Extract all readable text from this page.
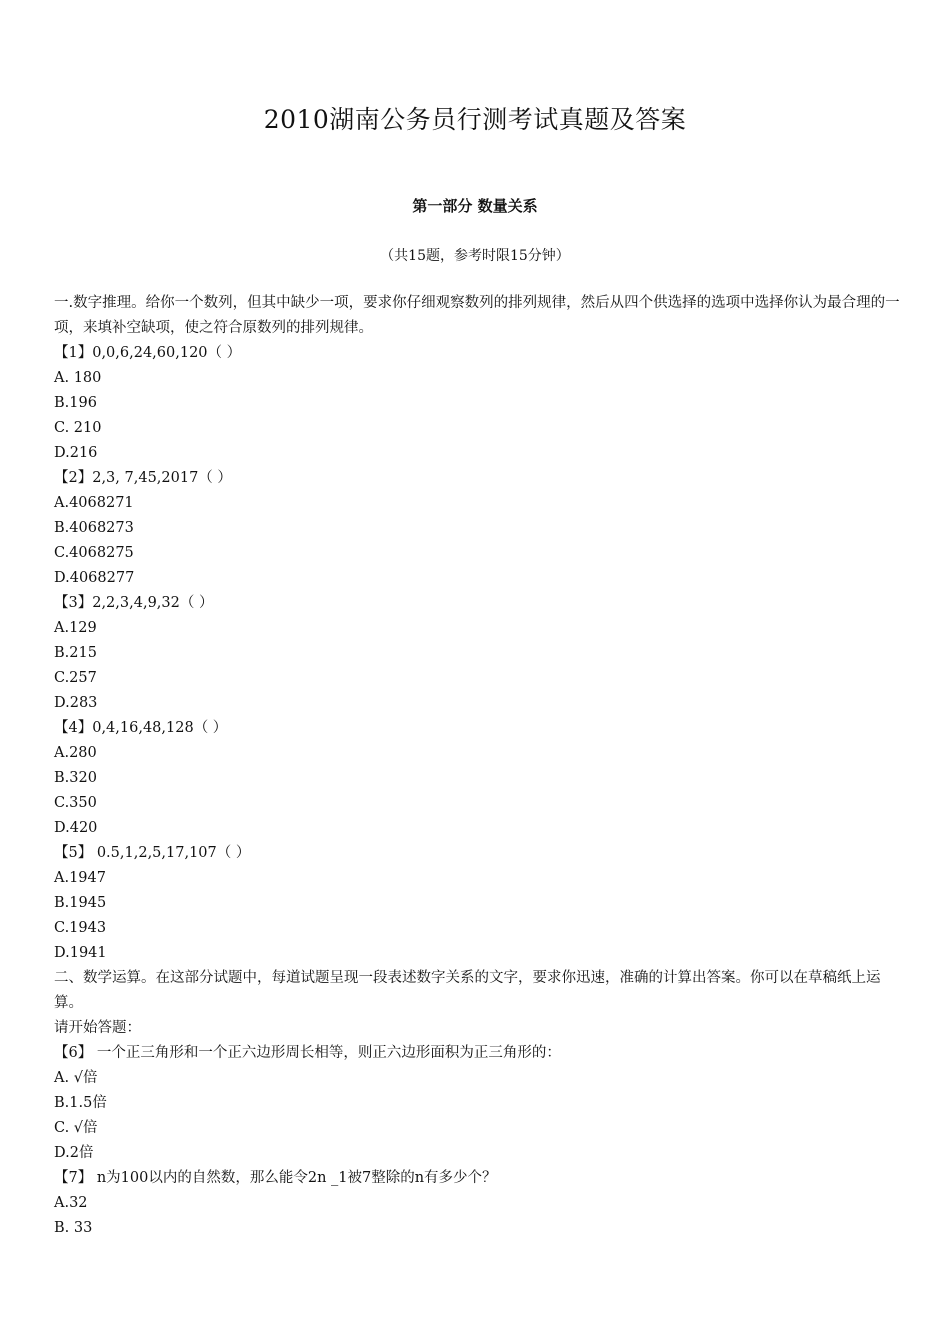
2010湖南公务员行测考试真题及答案
第一部分 数量关系
（共15题，参考时限15分钟）
一.数字推理。给你一个数列，但其中缺少一项，要求你仔细观察数列的排列规律，然后从四个供选择的选项中选择你认为最合理的一项，来填补空缺项，使之符合原数列的排列规律。
【1】0,0,6,24,60,120（ ）
A. 180
B.196
C. 210
D.216
【2】2,3, 7,45,2017（ ）
A.4068271
B.4068273
C.4068275
D.4068277
【3】2,2,3,4,9,32（ ）
A.129
B.215
C.257
D.283
【4】0,4,16,48,128（ ）
A.280
B.320
C.350
D.420
【5】 0.5,1,2,5,17,107（ ）
A.1947
B.1945
C.1943
D.1941
二、数学运算。在这部分试题中，每道试题呈现一段表述数字关系的文字，要求你迅速，准确的计算出答案。你可以在草稿纸上运算。
请开始答题：
【6】 一个正三角形和一个正六边形周长相等，则正六边形面积为正三角形的：
A. √倍
B.1.5倍
C. √倍
D.2倍
【7】 n为100以内的自然数，那么能令2n _1被7整除的n有多少个？
A.32
B. 33
